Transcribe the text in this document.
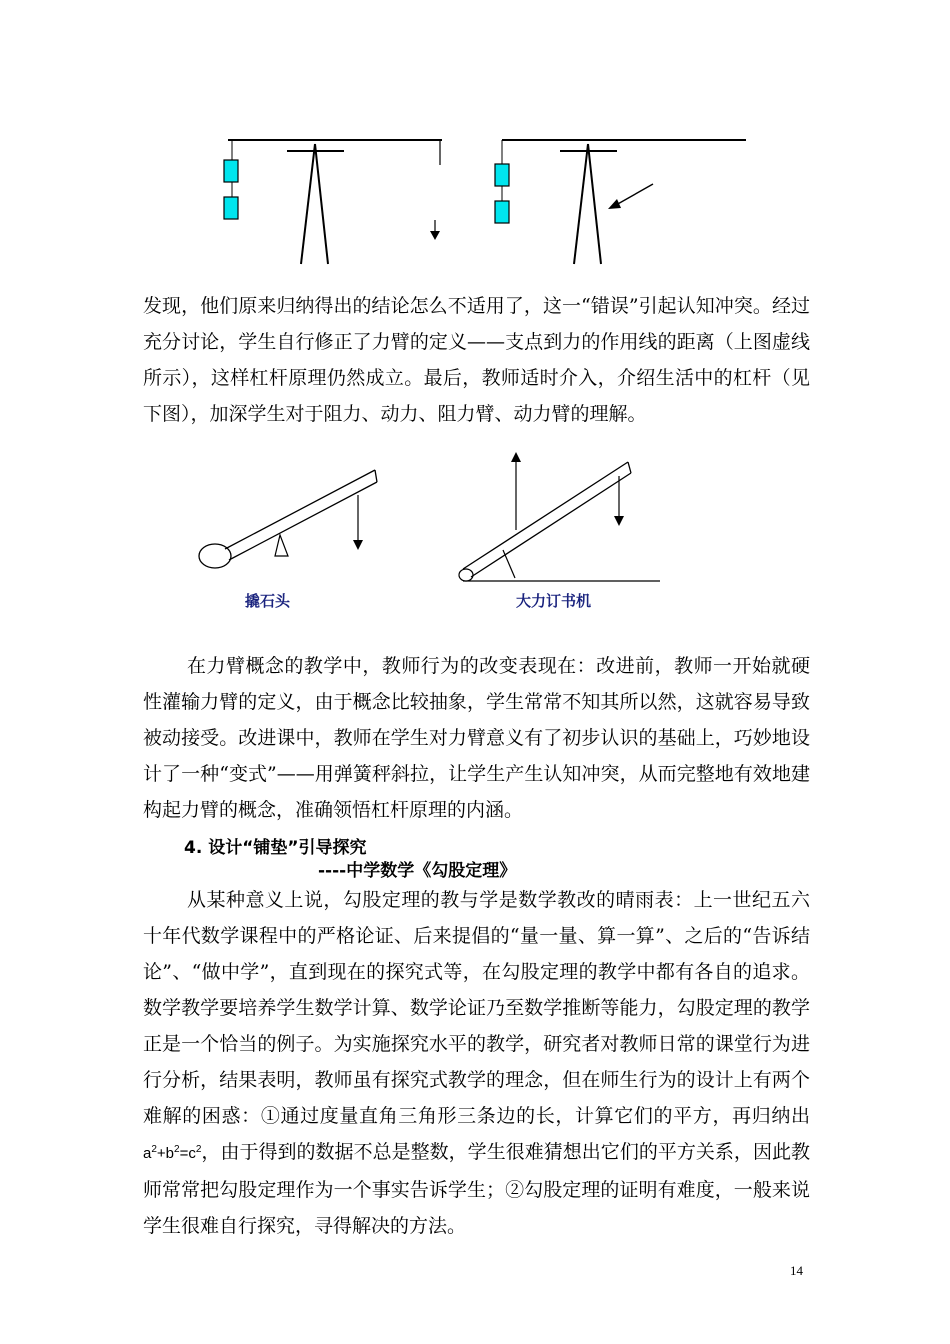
发现，他们原来归纳得出的结论怎么不适用了，这一“错误”引起认知冲突。经过充分讨论，学生自行修正了力臂的定义——支点到力的作用线的距离（上图虚线所示），这样杠杆原理仍然成立。最后，教师适时介入，介绍生活中的杠杆（见下图），加深学生对于阻力、动力、阻力臂、动力臂的理解。

撬石头	大力订书机

在力臂概念的教学中，教师行为的改变表现在：改进前，教师一开始就硬性灌输力臂的定义，由于概念比较抽象，学生常常不知其所以然，这就容易导致被动接受。改进课中，教师在学生对力臂意义有了初步认识的基础上，巧妙地设计了一种“变式”——用弹簧秤斜拉，让学生产生认知冲突，从而完整地有效地建构起力臂的概念，准确领悟杠杆原理的内涵。

4. 设计“铺垫”引导探究
----中学数学《勾股定理》

从某种意义上说，勾股定理的教与学是数学教改的晴雨表：上一世纪五六十年代数学课程中的严格论证、后来提倡的“量一量、算一算”、之后的“告诉结论”、“做中学”，直到现在的探究式等，在勾股定理的教学中都有各自的追求。数学教学要培养学生数学计算、数学论证乃至数学推断等能力，勾股定理的教学正是一个恰当的例子。为实施探究水平的教学，研究者对教师日常的课堂行为进行分析，结果表明，教师虽有探究式教学的理念，但在师生行为的设计上有两个难解的困惑：①通过度量直角三角形三条边的长，计算它们的平方，再归纳出$a^2+b^2=c^2$，由于得到的数据不总是整数，学生很难猜想出它们的平方关系，因此教师常常把勾股定理作为一个事实告诉学生；②勾股定理的证明有难度，一般来说学生很难自行探究，寻得解决的方法。

14
